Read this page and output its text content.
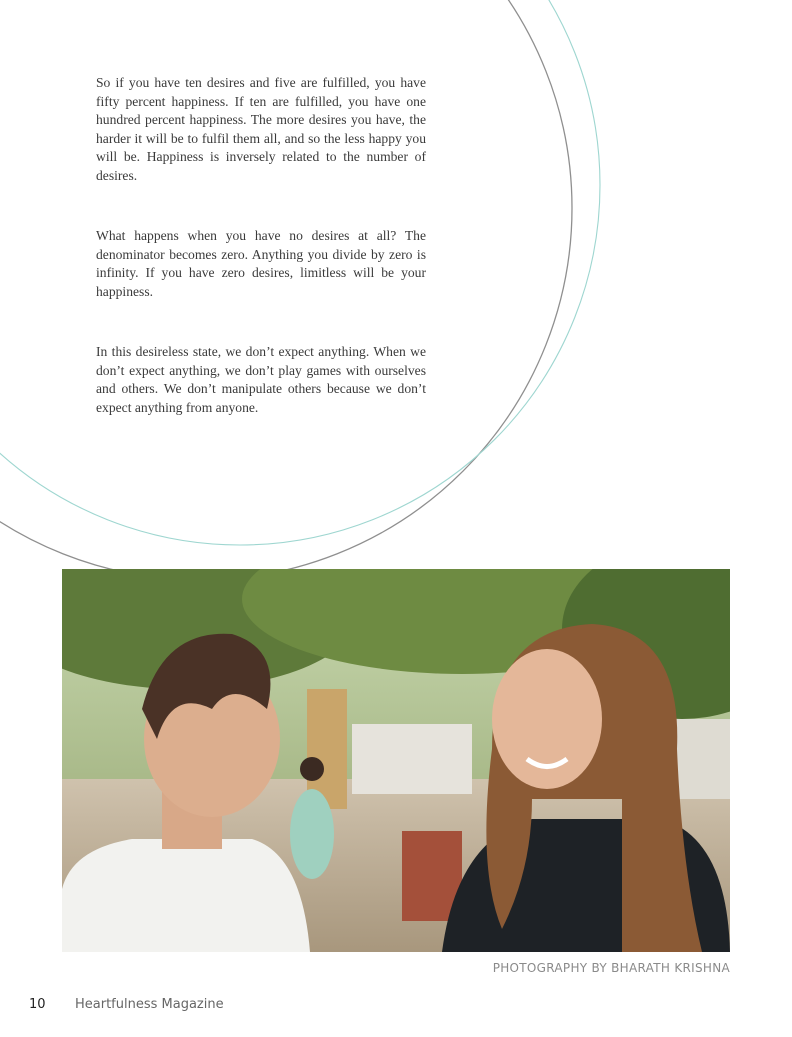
So if you have ten desires and five are fulfilled, you have fifty percent happiness. If ten are fulfilled, you have one hundred percent happiness. The more desires you have, the harder it will be to fulfil them all, and so the less happy you will be. Happiness is inversely related to the number of desires.

What happens when you have no desires at all? The denominator becomes zero. Anything you divide by zero is infinity. If you have zero desires, limitless will be your happiness.

In this desireless state, we don’t expect anything. When we don’t expect anything, we don’t play games with ourselves and others. We don’t manipulate others because we don’t expect anything from anyone.

PHOTOGRAPHY BY BHARATH KRISHNA
10 Heartfulness Magazine
